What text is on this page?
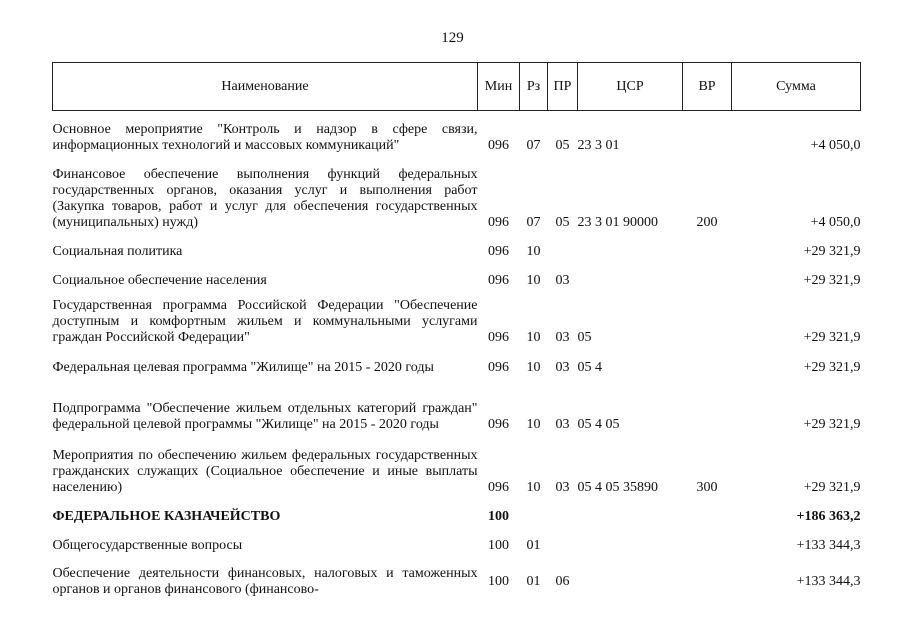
129
Наименование	Мин	Рз	ПР	ЦСР	ВР	Сумма
Основное мероприятие "Контроль и надзор в сфере связи, информационных технологий и массовых коммуникаций"	096	07	05	23 3 01		+4 050,0
Финансовое обеспечение выполнения функций федеральных государственных органов, оказания услуг и выполнения работ (Закупка товаров, работ и услуг для обеспечения государственных (муниципальных) нужд)	096	07	05	23 3 01 90000	200	+4 050,0
Социальная политика	096	10				+29 321,9
Социальное обеспечение населения	096	10	03			+29 321,9
Государственная программа Российской Федерации "Обеспечение доступным и комфортным жильем и коммунальными услугами граждан Российской Федерации"	096	10	03	05		+29 321,9
Федеральная целевая программа "Жилище" на 2015 - 2020 годы	096	10	03	05 4		+29 321,9
Подпрограмма "Обеспечение жильем отдельных категорий граждан" федеральной целевой программы "Жилище" на 2015 - 2020 годы	096	10	03	05 4 05		+29 321,9
Мероприятия по обеспечению жильем федеральных государственных гражданских служащих (Социальное обеспечение и иные выплаты населению)	096	10	03	05 4 05 35890	300	+29 321,9
ФЕДЕРАЛЬНОЕ КАЗНАЧЕЙСТВО	100					+186 363,2
Общегосударственные вопросы	100	01				+133 344,3
Обеспечение деятельности финансовых, налоговых и таможенных органов и органов финансового (финансово-	100	01	06			+133 344,3
